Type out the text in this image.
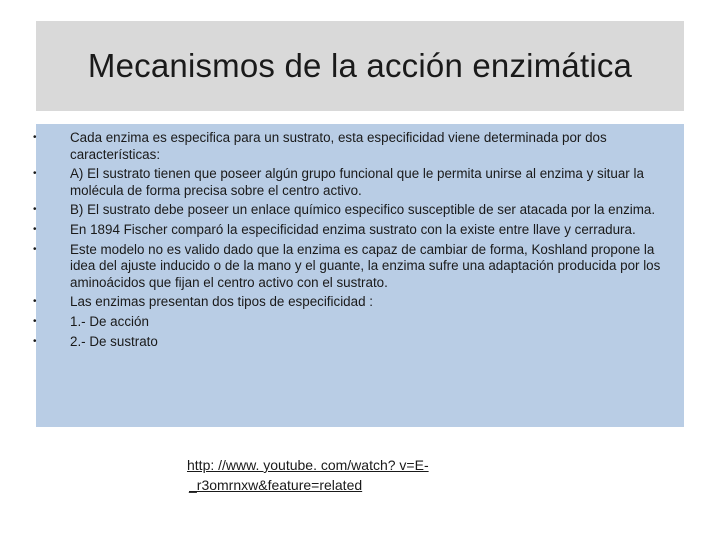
Mecanismos de la acción enzimática
• Cada enzima es especifica para un sustrato, esta especificidad viene determinada por dos características:
• A) El sustrato tienen que poseer algún grupo funcional que le permita unirse al enzima y situar la molécula de forma precisa sobre el centro activo.
• B) El sustrato debe poseer un enlace químico especifico susceptible de ser atacada por la enzima.
• En 1894 Fischer comparó la especificidad enzima sustrato con la existe entre llave y cerradura.
• Este modelo no es valido dado que la enzima es capaz de cambiar de forma, Koshland propone la idea del ajuste inducido o de la mano y el guante, la enzima sufre una adaptación producida por los aminoácidos que fijan el centro activo con el sustrato.
• Las enzimas presentan dos tipos de especificidad :
• 1.- De acción
• 2.- De sustrato
http: //www. youtube. com/watch? v=E-
_r3omrnxw&feature=related
